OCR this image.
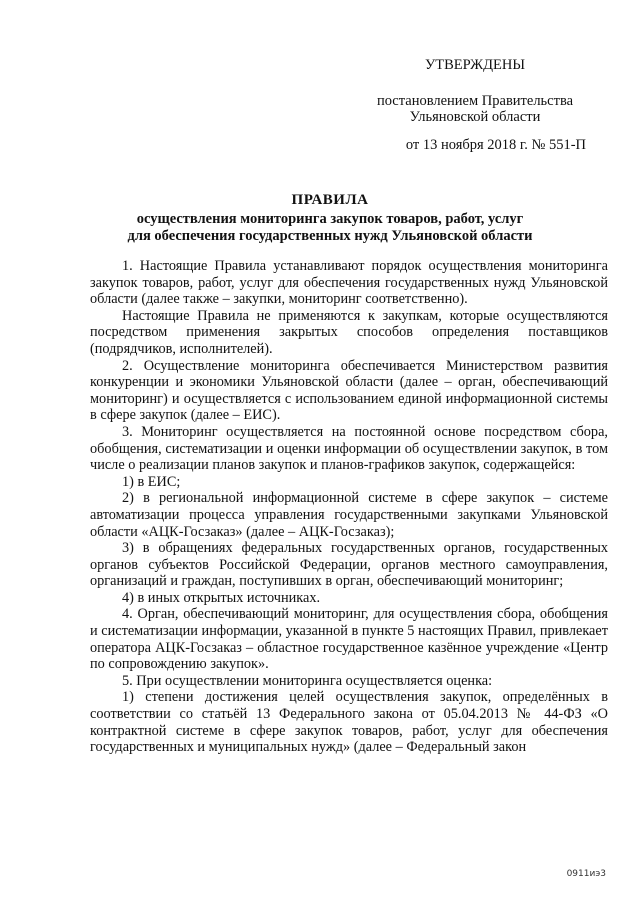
УТВЕРЖДЕНЫ
постановлением Правительства
Ульяновской области
от 13 ноября 2018 г. № 551-П
ПРАВИЛА
осуществления мониторинга закупок товаров, работ, услуг
для обеспечения государственных нужд Ульяновской области

1. Настоящие Правила устанавливают порядок осуществления мониторинга закупок товаров, работ, услуг для обеспечения государственных нужд Ульяновской области (далее также – закупки, мониторинг соответственно).

Настоящие Правила не применяются к закупкам, которые осуществляются посредством применения закрытых способов определения поставщиков (подрядчиков, исполнителей).

2. Осуществление мониторинга обеспечивается Министерством развития конкуренции и экономики Ульяновской области (далее – орган, обеспечивающий мониторинг) и осуществляется с использованием единой информационной системы в сфере закупок (далее – ЕИС).

3. Мониторинг осуществляется на постоянной основе посредством сбора, обобщения, систематизации и оценки информации об осуществлении закупок, в том числе о реализации планов закупок и планов-графиков закупок, содержащейся:

1) в ЕИС;

2) в региональной информационной системе в сфере закупок – системе автоматизации процесса управления государственными закупками Ульяновской области «АЦК-Госзаказ» (далее – АЦК-Госзаказ);

3) в обращениях федеральных государственных органов, государственных органов субъектов Российской Федерации, органов местного самоуправления, организаций и граждан, поступивших в орган, обеспечивающий мониторинг;

4) в иных открытых источниках.

4. Орган, обеспечивающий мониторинг, для осуществления сбора, обобщения и систематизации информации, указанной в пункте 5 настоящих Правил, привлекает оператора АЦК-Госзаказ – областное государственное казённое учреждение «Центр по сопровождению закупок».

5. При осуществлении мониторинга осуществляется оценка:

1) степени достижения целей осуществления закупок, определённых в соответствии со статьёй 13 Федерального закона от 05.04.2013 № 44-ФЗ «О контрактной системе в сфере закупок товаров, работ, услуг для обеспечения государственных и муниципальных нужд» (далее – Федеральный закон

0911иэ3
